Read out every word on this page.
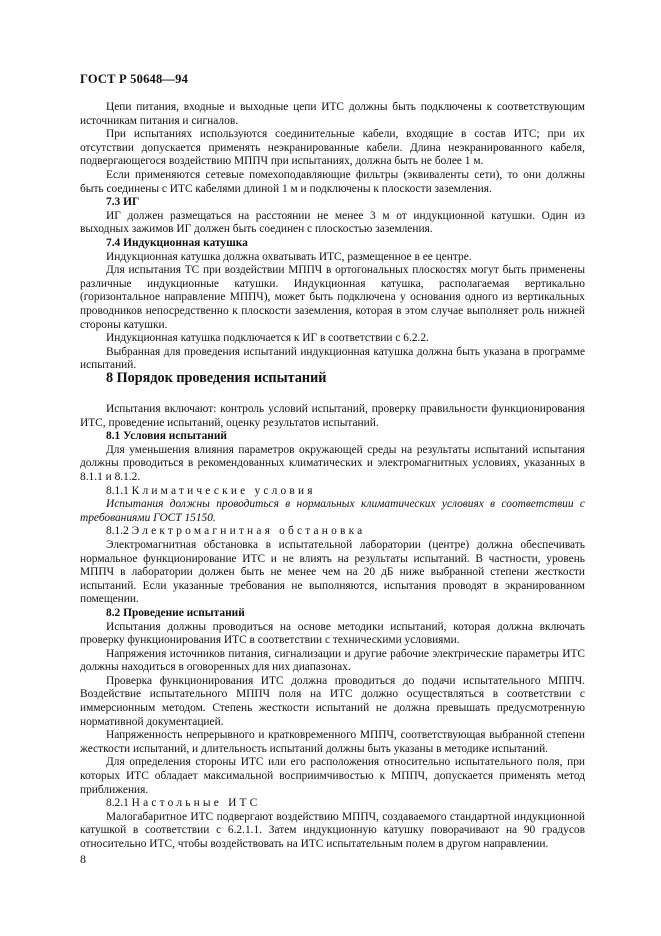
ГОСТ Р 50648—94

Цепи питания, входные и выходные цепи ИТС должны быть подключены к соответствующим источникам питания и сигналов.

При испытаниях используются соединительные кабели, входящие в состав ИТС; при их отсутствии допускается применять неэкранированные кабели. Длина неэкранированного кабеля, подвергающегося воздействию МППЧ при испытаниях, должна быть не более 1 м.

Если применяются сетевые помехоподавляющие фильтры (эквиваленты сети), то они должны быть соединены с ИТС кабелями длиной 1 м и подключены к плоскости заземления.

7.3 ИГ

ИГ должен размещаться на расстоянии не менее 3 м от индукционной катушки. Один из выходных зажимов ИГ должен быть соединен с плоскостью заземления.

7.4 Индукционная катушка

Индукционная катушка должна охватывать ИТС, размещенное в ее центре.

Для испытания ТС при воздействии МППЧ в ортогональных плоскостях могут быть применены различные индукционные катушки. Индукционная катушка, располагаемая вертикально (горизонтальное направление МППЧ), может быть подключена у основания одного из вертикальных проводников непосредственно к плоскости заземления, которая в этом случае выполняет роль нижней стороны катушки.

Индукционная катушка подключается к ИГ в соответствии с 6.2.2.

Выбранная для проведения испытаний индукционная катушка должна быть указана в программе испытаний.

8 Порядок проведения испытаний

Испытания включают: контроль условий испытаний, проверку правильности функционирования ИТС, проведение испытаний, оценку результатов испытаний.

8.1 Условия испытаний

Для уменьшения влияния параметров окружающей среды на результаты испытаний испытания должны проводиться в рекомендованных климатических и электромагнитных условиях, указанных в 8.1.1 и 8.1.2.

8.1.1 Климатические условия

Испытания должны проводиться в нормальных климатических условиях в соответствии с требованиями ГОСТ 15150.

8.1.2 Электромагнитная обстановка

Электромагнитная обстановка в испытательной лаборатории (центре) должна обеспечивать нормальное функционирование ИТС и не влиять на результаты испытаний. В частности, уровень МППЧ в лаборатории должен быть не менее чем на 20 дБ ниже выбранной степени жесткости испытаний. Если указанные требования не выполняются, испытания проводят в экранированном помещении.

8.2 Проведение испытаний

Испытания должны проводиться на основе методики испытаний, которая должна включать проверку функционирования ИТС в соответствии с техническими условиями.

Напряжения источников питания, сигнализации и другие рабочие электрические параметры ИТС должны находиться в оговоренных для них диапазонах.

Проверка функционирования ИТС должна проводиться до подачи испытательного МППЧ. Воздействие испытательного МППЧ поля на ИТС должно осуществляться в соответствии с иммерсионным методом. Степень жесткости испытаний не должна превышать предусмотренную нормативной документацией.

Напряженность непрерывного и кратковременного МППЧ, соответствующая выбранной степени жесткости испытаний, и длительность испытаний должны быть указаны в методике испытаний.

Для определения стороны ИТС или его расположения относительно испытательного поля, при которых ИТС обладает максимальной восприимчивостью к МППЧ, допускается применять метод приближения.

8.2.1 Настольные ИТС

Малогабаритное ИТС подвергают воздействию МППЧ, создаваемого стандартной индукционной катушкой в соответствии с 6.2.1.1. Затем индукционную катушку поворачивают на 90 градусов относительно ИТС, чтобы воздействовать на ИТС испытательным полем в другом направлении.

8
